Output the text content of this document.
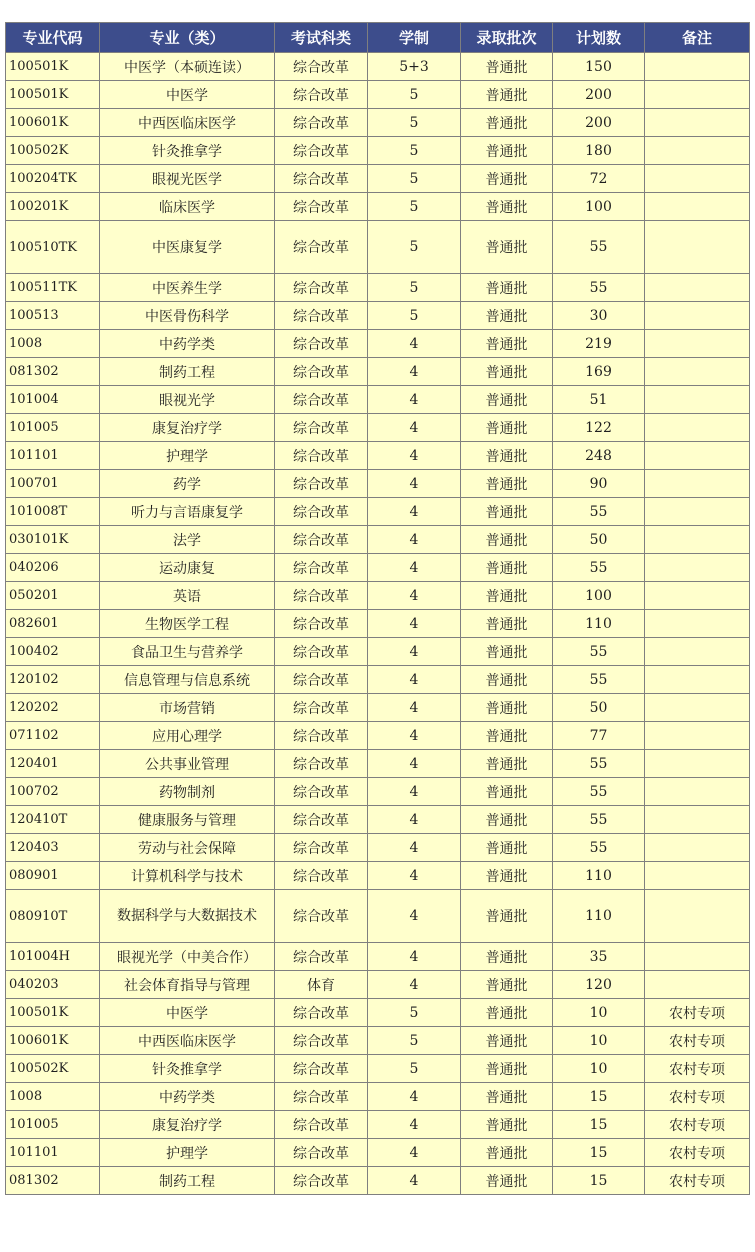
专业代码	专业（类）	考试科类	学制	录取批次	计划数	备注
100501K	中医学（本硕连读）	综合改革	5+3	普通批	150	
100501K	中医学	综合改革	5	普通批	200	
100601K	中西医临床医学	综合改革	5	普通批	200	
100502K	针灸推拿学	综合改革	5	普通批	180	
100204TK	眼视光医学	综合改革	5	普通批	72	
100201K	临床医学	综合改革	5	普通批	100	
100510TK	中医康复学	综合改革	5	普通批	55	
100511TK	中医养生学	综合改革	5	普通批	55	
100513	中医骨伤科学	综合改革	5	普通批	30	
1008	中药学类	综合改革	4	普通批	219	
081302	制药工程	综合改革	4	普通批	169	
101004	眼视光学	综合改革	4	普通批	51	
101005	康复治疗学	综合改革	4	普通批	122	
101101	护理学	综合改革	4	普通批	248	
100701	药学	综合改革	4	普通批	90	
101008T	听力与言语康复学	综合改革	4	普通批	55	
030101K	法学	综合改革	4	普通批	50	
040206	运动康复	综合改革	4	普通批	55	
050201	英语	综合改革	4	普通批	100	
082601	生物医学工程	综合改革	4	普通批	110	
100402	食品卫生与营养学	综合改革	4	普通批	55	
120102	信息管理与信息系统	综合改革	4	普通批	55	
120202	市场营销	综合改革	4	普通批	50	
071102	应用心理学	综合改革	4	普通批	77	
120401	公共事业管理	综合改革	4	普通批	55	
100702	药物制剂	综合改革	4	普通批	55	
120410T	健康服务与管理	综合改革	4	普通批	55	
120403	劳动与社会保障	综合改革	4	普通批	55	
080901	计算机科学与技术	综合改革	4	普通批	110	
080910T	数据科学与大数据技术	综合改革	4	普通批	110	
101004H	眼视光学（中美合作）	综合改革	4	普通批	35	
040203	社会体育指导与管理	体育	4	普通批	120	
100501K	中医学	综合改革	5	普通批	10	农村专项
100601K	中西医临床医学	综合改革	5	普通批	10	农村专项
100502K	针灸推拿学	综合改革	5	普通批	10	农村专项
1008	中药学类	综合改革	4	普通批	15	农村专项
101005	康复治疗学	综合改革	4	普通批	15	农村专项
101101	护理学	综合改革	4	普通批	15	农村专项
081302	制药工程	综合改革	4	普通批	15	农村专项
